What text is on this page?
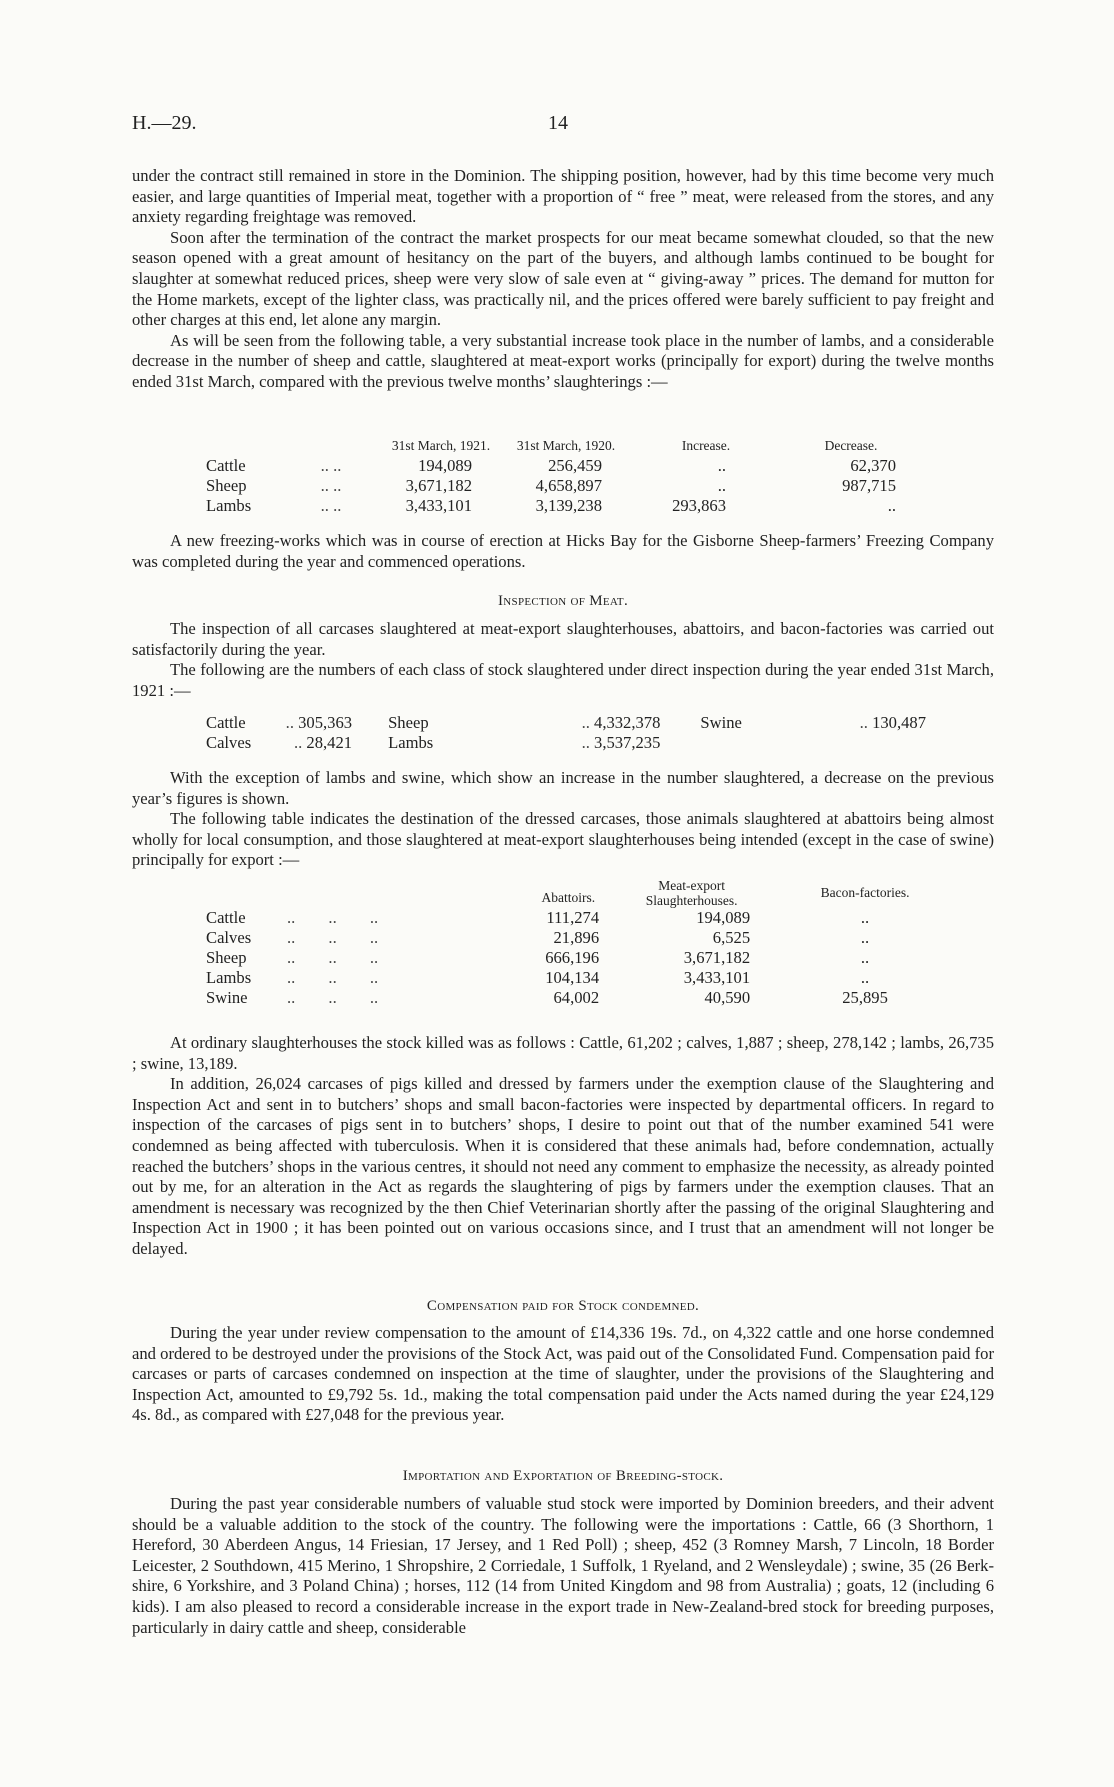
H.—29.	14

under the contract still remained in store in the Dominion. The shipping position, however, had by this time become very much easier, and large quantities of Imperial meat, together with a proportion of “ free ” meat, were released from the stores, and any anxiety regarding freightage was removed.

Soon after the termination of the contract the market prospects for our meat became somewhat clouded, so that the new season opened with a great amount of hesitancy on the part of the buyers, and although lambs continued to be bought for slaughter at somewhat reduced prices, sheep were very slow of sale even at “ giving-away ” prices. The demand for mutton for the Home markets, except of the lighter class, was practically nil, and the prices offered were barely sufficient to pay freight and other charges at this end, let alone any margin.

As will be seen from the following table, a very substantial increase took place in the number of lambs, and a considerable decrease in the number of sheep and cattle, slaughtered at meat-export works (principally for export) during the twelve months ended 31st March, compared with the previous twelve months’ slaughterings :—

		31st March, 1921.	31st March, 1920.	Increase.	Decrease.
Cattle	.. ..	194,089	256,459	..	62,370
Sheep	.. ..	3,671,182	4,658,897	..	987,715
Lambs	.. ..	3,433,101	3,139,238	293,863	..

A new freezing-works which was in course of erection at Hicks Bay for the Gisborne Sheep-farmers’ Freezing Company was completed during the year and commenced operations.

Inspection of Meat.

The inspection of all carcases slaughtered at meat-export slaughterhouses, abattoirs, and bacon-factories was carried out satisfactorily during the year.

The following are the numbers of each class of stock slaughtered under direct inspection during the year ended 31st March, 1921 :—

Cattle	.. 305,363	Sheep	.. 4,332,378	Swine	.. 130,487
Calves	.. 28,421	Lambs	.. 3,537,235		

With the exception of lambs and swine, which show an increase in the number slaughtered, a decrease on the previous year’s figures is shown.

The following table indicates the destination of the dressed carcases, those animals slaughtered at abattoirs being almost wholly for local consumption, and those slaughtered at meat-export slaughterhouses being intended (except in the case of swine) principally for export :—

		Abattoirs.	Meat-export
Slaughterhouses.	Bacon-factories.
Cattle	..        ..        ..	111,274	194,089	..
Calves	..        ..        ..	21,896	6,525	..
Sheep	..        ..        ..	666,196	3,671,182	..
Lambs	..        ..        ..	104,134	3,433,101	..
Swine	..        ..        ..	64,002	40,590	25,895

At ordinary slaughterhouses the stock killed was as follows : Cattle, 61,202 ; calves, 1,887 ; sheep, 278,142 ; lambs, 26,735 ; swine, 13,189.

In addition, 26,024 carcases of pigs killed and dressed by farmers under the exemption clause of the Slaughtering and Inspection Act and sent in to butchers’ shops and small bacon-factories were inspected by departmental officers. In regard to inspection of the carcases of pigs sent in to butchers’ shops, I desire to point out that of the number examined 541 were condemned as being affected with tuberculosis. When it is considered that these animals had, before condemnation, actually reached the butchers’ shops in the various centres, it should not need any comment to emphasize the necessity, as already pointed out by me, for an alteration in the Act as regards the slaughtering of pigs by farmers under the exemption clauses. That an amendment is necessary was recognized by the then Chief Veterinarian shortly after the passing of the original Slaughtering and Inspection Act in 1900 ; it has been pointed out on various occasions since, and I trust that an amendment will not longer be delayed.

Compensation paid for Stock condemned.

During the year under review compensation to the amount of £14,336 19s. 7d., on 4,322 cattle and one horse condemned and ordered to be destroyed under the provisions of the Stock Act, was paid out of the Consolidated Fund. Compensation paid for carcases or parts of carcases condemned on inspection at the time of slaughter, under the provisions of the Slaughtering and Inspection Act, amounted to £9,792 5s. 1d., making the total compensation paid under the Acts named during the year £24,129 4s. 8d., as compared with £27,048 for the previous year.

Importation and Exportation of Breeding-stock.

During the past year considerable numbers of valuable stud stock were imported by Dominion breeders, and their advent should be a valuable addition to the stock of the country. The following were the importations : Cattle, 66 (3 Shorthorn, 1 Hereford, 30 Aberdeen Angus, 14 Friesian, 17 Jersey, and 1 Red Poll) ; sheep, 452 (3 Romney Marsh, 7 Lincoln, 18 Border Leicester, 2 Southdown, 415 Merino, 1 Shropshire, 2 Corriedale, 1 Suffolk, 1 Ryeland, and 2 Wensleydale) ; swine, 35 (26 Berk-shire, 6 Yorkshire, and 3 Poland China) ; horses, 112 (14 from United Kingdom and 98 from Australia) ; goats, 12 (including 6 kids). I am also pleased to record a considerable increase in the export trade in New-Zealand-bred stock for breeding purposes, particularly in dairy cattle and sheep, considerable
